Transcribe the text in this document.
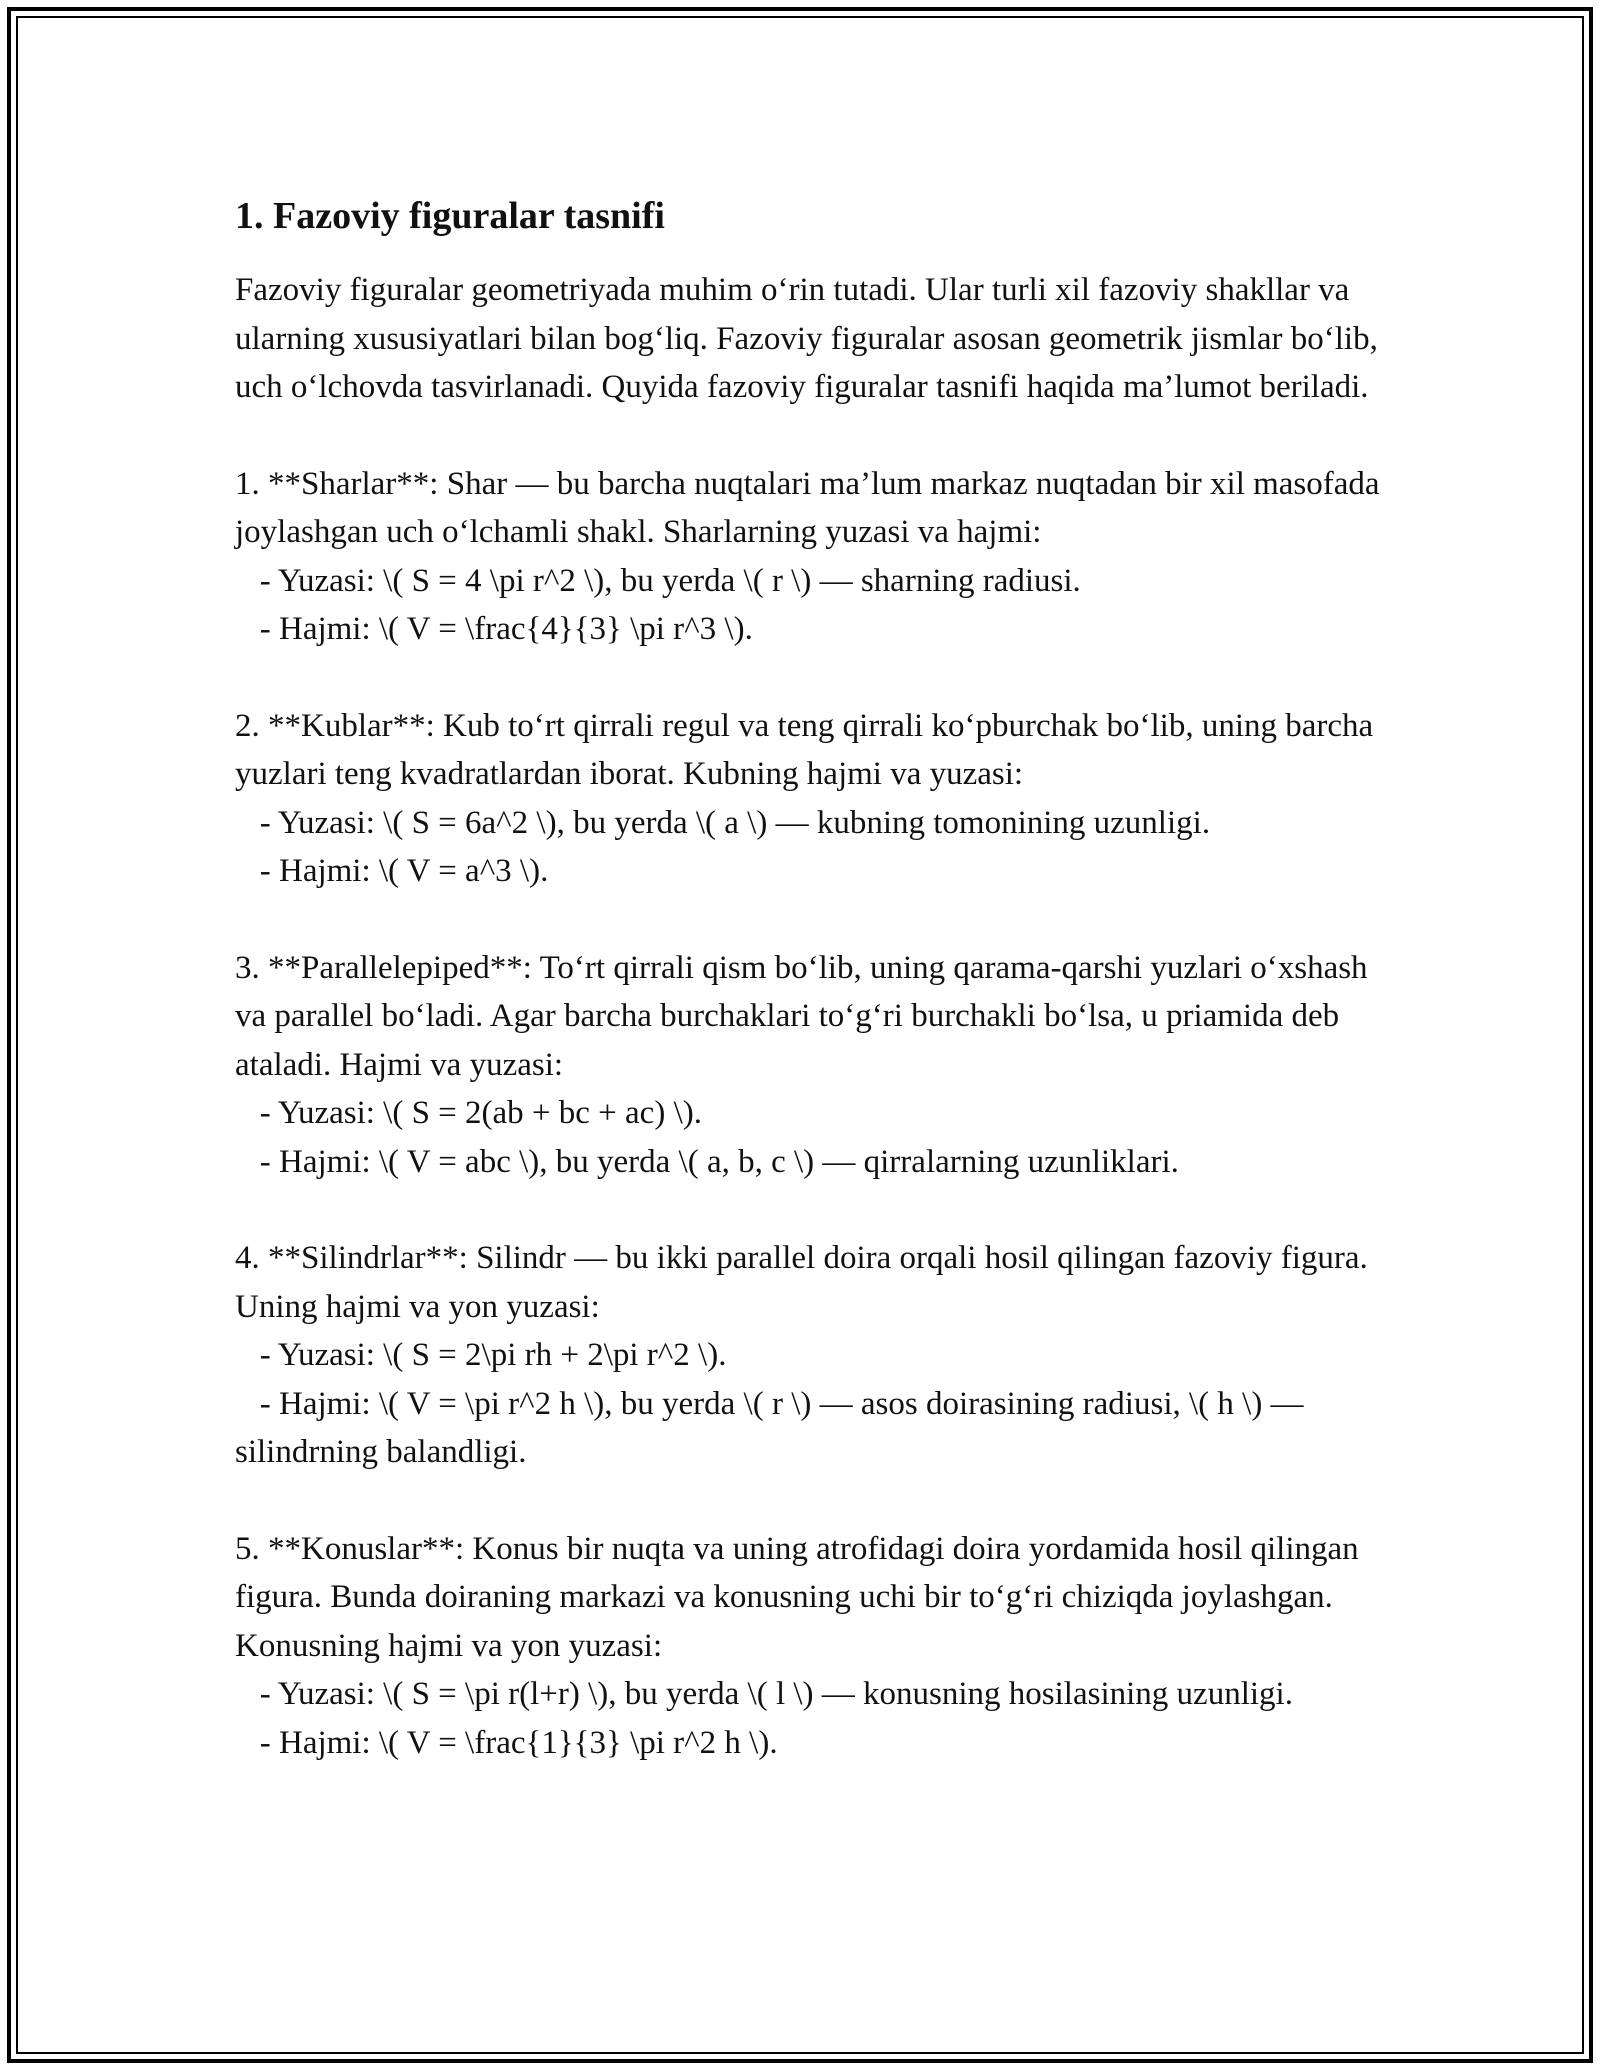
1. Fazoviy figuralar tasnifi

Fazoviy figuralar geometriyada muhim o‘rin tutadi. Ular turli xil fazoviy shakllar va ularning xususiyatlari bilan bog‘liq. Fazoviy figuralar asosan geometrik jismlar bo‘lib, uch o‘lchovda tasvirlanadi. Quyida fazoviy figuralar tasnifi haqida ma’lumot beriladi.

1. **Sharlar**: Shar — bu barcha nuqtalari ma’lum markaz nuqtadan bir xil masofada joylashgan uch o‘lchamli shakl. Sharlarning yuzasi va hajmi:

- Yuzasi: \( S = 4 \pi r^2 \), bu yerda \( r \) — sharning radiusi.

- Hajmi: \( V = \frac{4}{3} \pi r^3 \).

2. **Kublar**: Kub to‘rt qirrali regul va teng qirrali ko‘pburchak bo‘lib, uning barcha yuzlari teng kvadratlardan iborat. Kubning hajmi va yuzasi:

- Yuzasi: \( S = 6a^2 \), bu yerda \( a \) — kubning tomonining uzunligi.

- Hajmi: \( V = a^3 \).

3. **Parallelepiped**: To‘rt qirrali qism bo‘lib, uning qarama-qarshi yuzlari o‘xshash va parallel bo‘ladi. Agar barcha burchaklari to‘g‘ri burchakli bo‘lsa, u priamida deb ataladi. Hajmi va yuzasi:

- Yuzasi: \( S = 2(ab + bc + ac) \).

- Hajmi: \( V = abc \), bu yerda \( a, b, c \) — qirralarning uzunliklari.

4. **Silindrlar**: Silindr — bu ikki parallel doira orqali hosil qilingan fazoviy figura. Uning hajmi va yon yuzasi:

- Yuzasi: \( S = 2\pi rh + 2\pi r^2 \).

- Hajmi: \( V = \pi r^2 h \), bu yerda \( r \) — asos doirasining radiusi, \( h \) — silindrning balandligi.

5. **Konuslar**: Konus bir nuqta va uning atrofidagi doira yordamida hosil qilingan figura. Bunda doiraning markazi va konusning uchi bir to‘g‘ri chiziqda joylashgan. Konusning hajmi va yon yuzasi:

- Yuzasi: \( S = \pi r(l+r) \), bu yerda \( l \) — konusning hosilasining uzunligi.

- Hajmi: \( V = \frac{1}{3} \pi r^2 h \).
